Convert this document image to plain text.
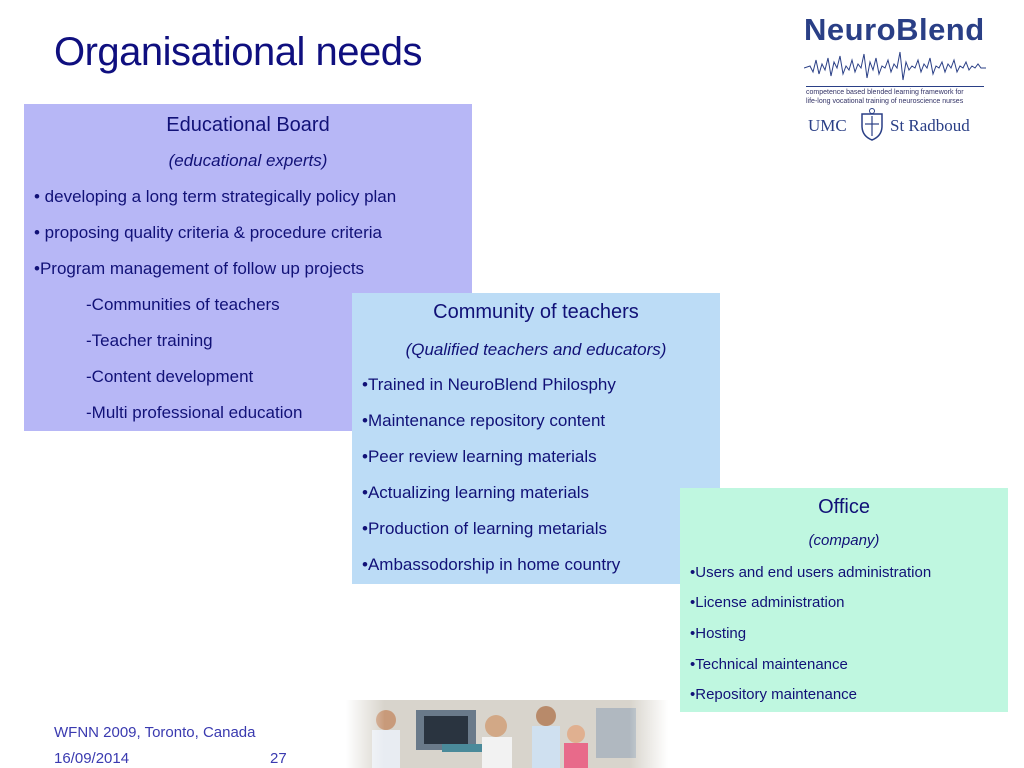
Organisational needs
NeuroBlend
competence based blended learning framework for
life-long vocational training of neuroscience nurses
UMC	St Radboud
Educational Board
(educational experts)
• developing a long term strategically policy plan
• proposing quality criteria & procedure criteria
•Program management of follow up projects
-Communities of teachers
-Teacher training
-Content development
-Multi professional education
Community of teachers
(Qualified teachers and educators)
•Trained in NeuroBlend Philosphy
•Maintenance repository content
•Peer review learning materials
•Actualizing learning materials
•Production of learning metarials
•Ambassodorship in home country
Office
(company)
•Users and end users administration
•License administration
•Hosting
•Technical maintenance
•Repository maintenance
WFNN 2009, Toronto, Canada
16/09/2014	27
